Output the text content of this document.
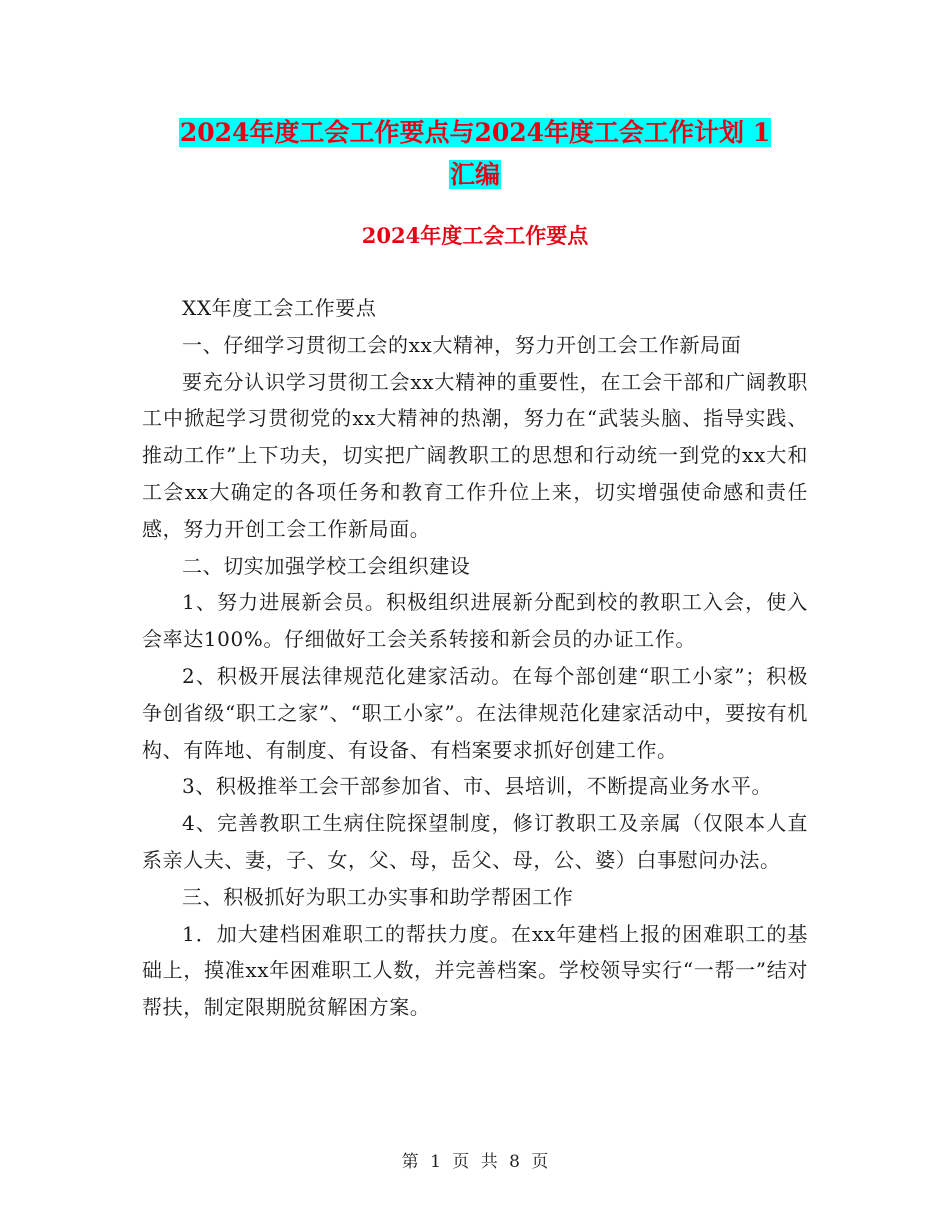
2024年度工会工作要点与2024年度工会工作计划 1
汇编
2024年度工会工作要点

XX年度工会工作要点

一、仔细学习贯彻工会的xx大精神，努力开创工会工作新局面

要充分认识学习贯彻工会xx大精神的重要性，在工会干部和广阔教职工中掀起学习贯彻党的xx大精神的热潮，努力在“武装头脑、指导实践、推动工作”上下功夫，切实把广阔教职工的思想和行动统一到党的xx大和工会xx大确定的各项任务和教育工作升位上来，切实增强使命感和责任感，努力开创工会工作新局面。

二、切实加强学校工会组织建设

1、努力进展新会员。积极组织进展新分配到校的教职工入会，使入会率达100%。仔细做好工会关系转接和新会员的办证工作。

2、积极开展法律规范化建家活动。在每个部创建“职工小家”；积极争创省级“职工之家”、“职工小家”。在法律规范化建家活动中，要按有机构、有阵地、有制度、有设备、有档案要求抓好创建工作。

3、积极推举工会干部参加省、市、县培训，不断提高业务水平。

4、完善教职工生病住院探望制度，修订教职工及亲属（仅限本人直系亲人夫、妻，子、女，父、母，岳父、母，公、婆）白事慰问办法。

三、积极抓好为职工办实事和助学帮困工作

1．加大建档困难职工的帮扶力度。在xx年建档上报的困难职工的基础上，摸准xx年困难职工人数，并完善档案。学校领导实行“一帮一”结对帮扶，制定限期脱贫解困方案。

第 1 页 共 8 页
